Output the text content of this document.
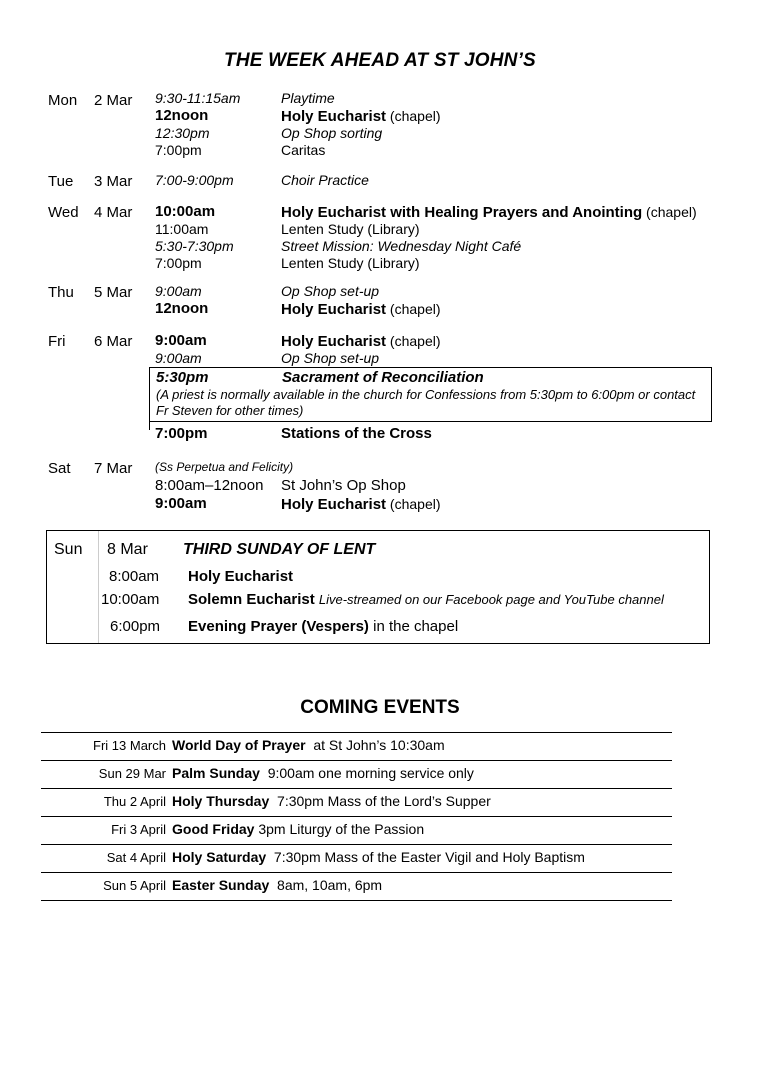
THE WEEK AHEAD AT ST JOHN’S
Mon 2 Mar 9:30-11:15am	Playtime
12noon	Holy Eucharist (chapel)
12:30pm	Op Shop sorting
7:00pm	Caritas
Tue 3 Mar 7:00-9:00pm	Choir Practice
Wed 4 Mar 10:00am	Holy Eucharist with Healing Prayers and Anointing (chapel)
11:00am	Lenten Study (Library)
5:30-7:30pm	Street Mission: Wednesday Night Café
7:00pm	Lenten Study (Library)
Thu 5 Mar 9:00am	Op Shop set-up
12noon	Holy Eucharist (chapel)
Fri 6 Mar 9:00am	Holy Eucharist (chapel)
9:00am	Op Shop set-up
5:30pm	Sacrament of Reconciliation
(A priest is normally available in the church for Confessions from 5:30pm to 6:00pm or contact Fr Steven for other times)
7:00pm	Stations of the Cross
Sat 7 Mar (Ss Perpetua and Felicity)
8:00am–12noon St John’s Op Shop
9:00am	Holy Eucharist (chapel)
Sun 8 Mar THIRD SUNDAY OF LENT
8:00am Holy Eucharist
10:00am Solemn Eucharist Live-streamed on our Facebook page and YouTube channel
6:00pm Evening Prayer (Vespers) in the chapel
COMING EVENTS
Fri 13 March World Day of Prayer  at St John’s 10:30am
Sun 29 Mar Palm Sunday  9:00am one morning service only
Thu 2 April Holy Thursday  7:30pm Mass of the Lord’s Supper
Fri 3 April Good Friday 3pm Liturgy of the Passion
Sat 4 April Holy Saturday  7:30pm Mass of the Easter Vigil and Holy Baptism
Sun 5 April Easter Sunday  8am, 10am, 6pm
